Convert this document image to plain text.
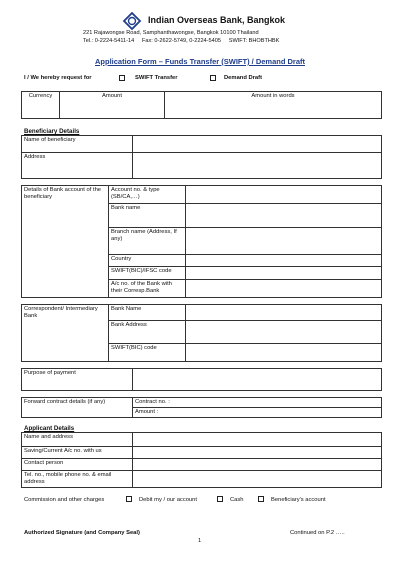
Indian Overseas Bank, Bangkok
221 Rajawongse Road, Samphanthawongse, Bangkok 10100 Thailand
Tel.: 0-2224-5411-14     Fax: 0-2622-5749, 0-2224-5405     SWIFT: BHOBTHBK
Application Form – Funds Transfer (SWIFT) / Demand Draft
I / We hereby request for	SWIFT Transfer	Demand Draft
Currency	Amount	Amount in words
Beneficiary Details
Name of beneficiary	
Address	
Details of Bank account of the beneficiary	Account no. & type (SB/CA,…)	
	Bank name	
	Branch name (Address, If any)	
	Country	
	SWIFT(BIC)/IFSC code	
	A/c no. of the Bank with their Corresp.Bank	
Correspondent/ Intermediary Bank	Bank Name	
	Bank Address	
	SWIFT(BIC) code	
Purpose of payment	
Forward contract details (if any)	Contract no. :
Amount :
Applicant Details
Name and address	
Saving/Current A/c no. with us	
Contact person	
Tel. no., mobile phone no. & email address	
Commission and other charges	Debit my / our account	Cash	Beneficiary's account
Authorized Signature (and Company Seal)	Continued on P.2 …..
1
